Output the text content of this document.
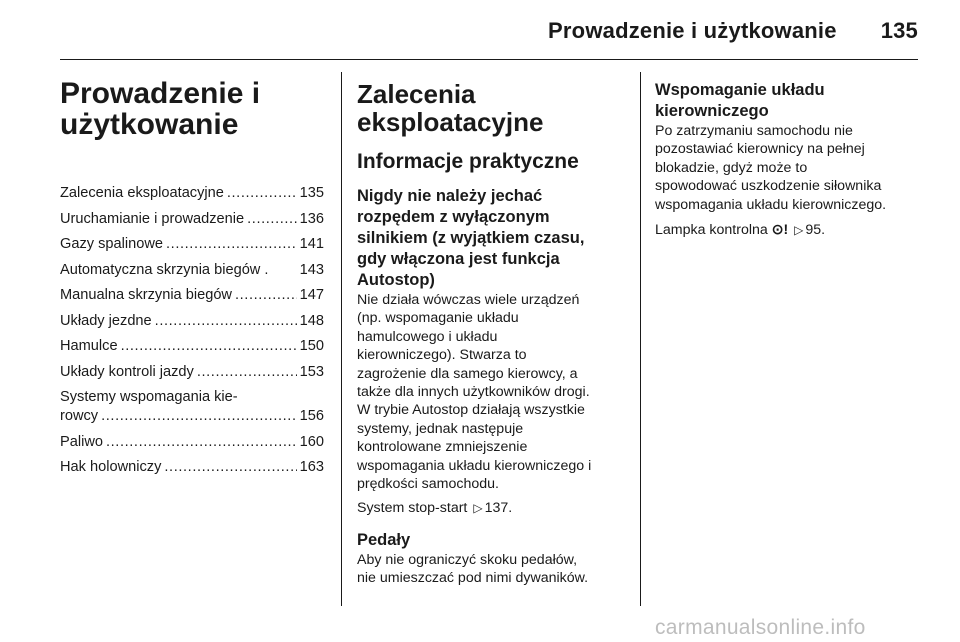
Prowadzenie i użytkowanie 135
Prowadzenie i
użytkowanie
Zalecenia eksploatacyjne .....	135
Uruchamianie i prowadzenie .....	136
Gazy spalinowe .....	141
Automatyczna skrzynia biegów . 143
Manualna skrzynia biegów .....	147
Układy jezdne .....	148
Hamulce .....	150
Układy kontroli jazdy .....	153
Systemy wspomagania kie-
rowcy .....	156
Paliwo .....	160
Hak holowniczy .....	163
Zalecenia
eksploatacyjne
Informacje praktyczne
Nigdy nie należy jechać
rozpędem z wyłączonym
silnikiem (z wyjątkiem czasu,
gdy włączona jest funkcja
Autostop)

Nie działa wówczas wiele urządzeń
(np. wspomaganie układu
hamulcowego i układu
kierowniczego). Stwarza to
zagrożenie dla samego kierowcy, a
także dla innych użytkowników drogi.
W trybie Autostop działają wszystkie
systemy, jednak następuje
kontrolowane zmniejszenie
wspomagania układu kierowniczego i
prędkości samochodu.

System stop-start ▷ 137.

Pedały

Aby nie ograniczyć skoku pedałów,
nie umieszczać pod nimi dywaników.

Wspomaganie układu
kierowniczego

Po zatrzymaniu samochodu nie
pozostawiać kierownicy na pełnej
blokadzie, gdyż może to
spowodować uszkodzenie siłownika
wspomagania układu kierowniczego.

Lampka kontrolna ⊙! ▷ 95.

carmanualsonline.info
